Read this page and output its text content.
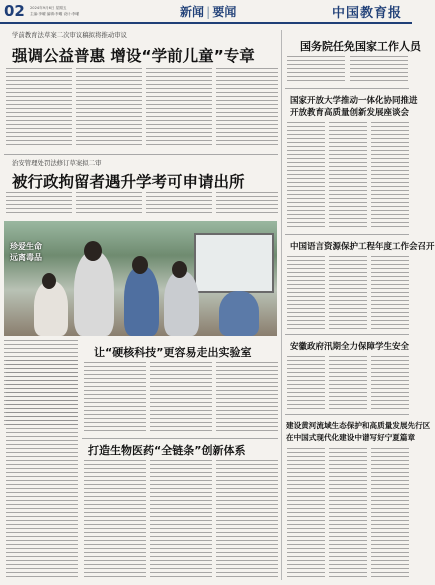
02 2024年9月6日 星期五
主编:李曜 编辑:李曜 设计:李曜	新闻 | 要闻	中国教育报
学前教育法草案二次审议稿拟将推动审议
强调公益普惠 增设“学前儿童”专章
治安管理处罚法修订草案拟二审
被行政拘留者遇升学考可申请出所
珍爱生命
远离毒品
让“硬核科技”更容易走出实验室
打造生物医药“全链条”创新体系
国务院任免国家工作人员
国家开放大学推动一体化协同推进
开放教育高质量创新发展座谈会
中国语言资源保护工程年度工作会召开
安徽政府汛期全力保障学生安全
建设黄河流域生态保护和高质量发展先行区
在中国式现代化建设中谱写好宁夏篇章
